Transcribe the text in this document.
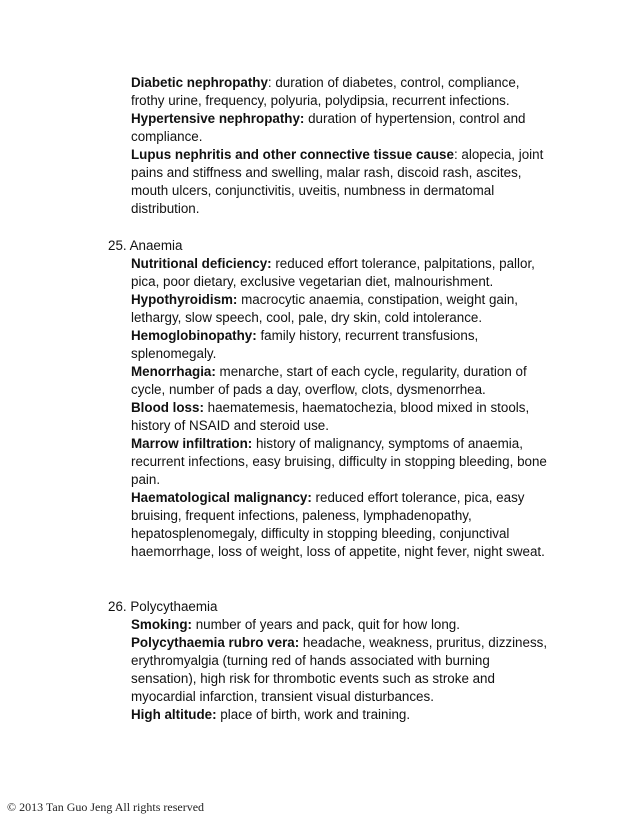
Diabetic nephropathy: duration of diabetes, control, compliance, frothy urine, frequency, polyuria, polydipsia, recurrent infections.
Hypertensive nephropathy: duration of hypertension, control and compliance.
Lupus nephritis and other connective tissue cause: alopecia, joint pains and stiffness and swelling, malar rash, discoid rash, ascites, mouth ulcers, conjunctivitis, uveitis, numbness in dermatomal distribution.
25. Anaemia
Nutritional deficiency: reduced effort tolerance, palpitations, pallor, pica, poor dietary, exclusive vegetarian diet, malnourishment.
Hypothyroidism: macrocytic anaemia, constipation, weight gain, lethargy, slow speech, cool, pale, dry skin, cold intolerance.
Hemoglobinopathy: family history, recurrent transfusions, splenomegaly.
Menorrhagia: menarche, start of each cycle, regularity, duration of cycle, number of pads a day, overflow, clots, dysmenorrhea.
Blood loss: haematemesis, haematochezia, blood mixed in stools, history of NSAID and steroid use.
Marrow infiltration: history of malignancy, symptoms of anaemia, recurrent infections, easy bruising, difficulty in stopping bleeding, bone pain.
Haematological malignancy: reduced effort tolerance, pica, easy bruising, frequent infections, paleness, lymphadenopathy, hepatosplenomegaly, difficulty in stopping bleeding, conjunctival haemorrhage, loss of weight, loss of appetite, night fever, night sweat.
26. Polycythaemia
Smoking: number of years and pack, quit for how long.
Polycythaemia rubro vera: headache, weakness, pruritus, dizziness, erythromyalgia (turning red of hands associated with burning sensation), high risk for thrombotic events such as stroke and myocardial infarction, transient visual disturbances.
High altitude: place of birth, work and training.
© 2013 Tan Guo Jeng All rights reserved
